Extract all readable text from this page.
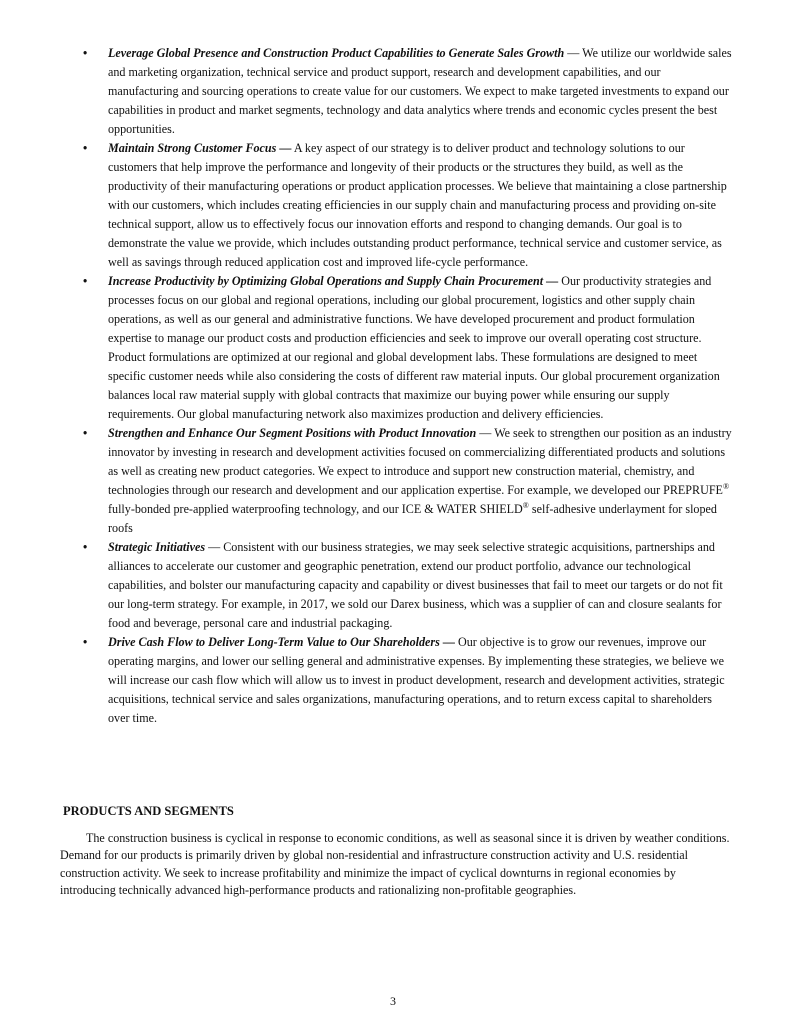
• Leverage Global Presence and Construction Product Capabilities to Generate Sales Growth — We utilize our worldwide sales and marketing organization, technical service and product support, research and development capabilities, and our manufacturing and sourcing operations to create value for our customers. We expect to make targeted investments to expand our capabilities in product and market segments, technology and data analytics where trends and economic cycles present the best opportunities.
• Maintain Strong Customer Focus — A key aspect of our strategy is to deliver product and technology solutions to our customers that help improve the performance and longevity of their products or the structures they build, as well as the productivity of their manufacturing operations or product application processes. We believe that maintaining a close partnership with our customers, which includes creating efficiencies in our supply chain and manufacturing process and providing on-site technical support, allow us to effectively focus our innovation efforts and respond to changing demands. Our goal is to demonstrate the value we provide, which includes outstanding product performance, technical service and customer service, as well as savings through reduced application cost and improved life-cycle performance.
• Increase Productivity by Optimizing Global Operations and Supply Chain Procurement — Our productivity strategies and processes focus on our global and regional operations, including our global procurement, logistics and other supply chain operations, as well as our general and administrative functions. We have developed procurement and product formulation expertise to manage our product costs and production efficiencies and seek to improve our overall operating cost structure. Product formulations are optimized at our regional and global development labs. These formulations are designed to meet specific customer needs while also considering the costs of different raw material inputs. Our global procurement organization balances local raw material supply with global contracts that maximize our buying power while ensuring our supply requirements. Our global manufacturing network also maximizes production and delivery efficiencies.
• Strengthen and Enhance Our Segment Positions with Product Innovation — We seek to strengthen our position as an industry innovator by investing in research and development activities focused on commercializing differentiated products and solutions as well as creating new product categories. We expect to introduce and support new construction material, chemistry, and technologies through our research and development and our application expertise. For example, we developed our PREPRUFE® fully-bonded pre-applied waterproofing technology, and our ICE & WATER SHIELD® self-adhesive underlayment for sloped roofs
• Strategic Initiatives — Consistent with our business strategies, we may seek selective strategic acquisitions, partnerships and alliances to accelerate our customer and geographic penetration, extend our product portfolio, advance our technological capabilities, and bolster our manufacturing capacity and capability or divest businesses that fail to meet our targets or do not fit our long-term strategy. For example, in 2017, we sold our Darex business, which was a supplier of can and closure sealants for food and beverage, personal care and industrial packaging.
• Drive Cash Flow to Deliver Long-Term Value to Our Shareholders — Our objective is to grow our revenues, improve our operating margins, and lower our selling general and administrative expenses. By implementing these strategies, we believe we will increase our cash flow which will allow us to invest in product development, research and development activities, strategic acquisitions, technical service and sales organizations, manufacturing operations, and to return excess capital to shareholders over time.
PRODUCTS AND SEGMENTS

The construction business is cyclical in response to economic conditions, as well as seasonal since it is driven by weather conditions. Demand for our products is primarily driven by global non-residential and infrastructure construction activity and U.S. residential construction activity. We seek to increase profitability and minimize the impact of cyclical downturns in regional economies by introducing technically advanced high-performance products and rationalizing non-profitable geographies.

3
